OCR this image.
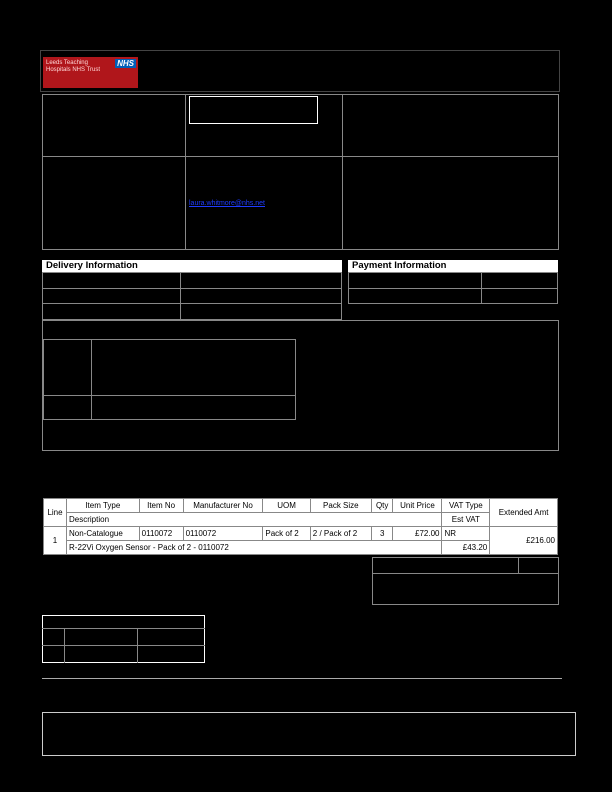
Leeds Teaching Hospitals NHS Trust
NHS
laura.whitmore@nhs.net
Delivery Information	Payment Information
Line	Item Type	Item No	Manufacturer No	UOM	Pack Size	Qty	Unit Price	VAT Type	Extended Amt
	Description							Est VAT	
1	Non-Catalogue	0110072	0110072	Pack of 2	2 / Pack of 2	3	£72.00	NR	£216.00
	R-22Vi Oxygen Sensor - Pack of 2 - 0110072							£43.20	
